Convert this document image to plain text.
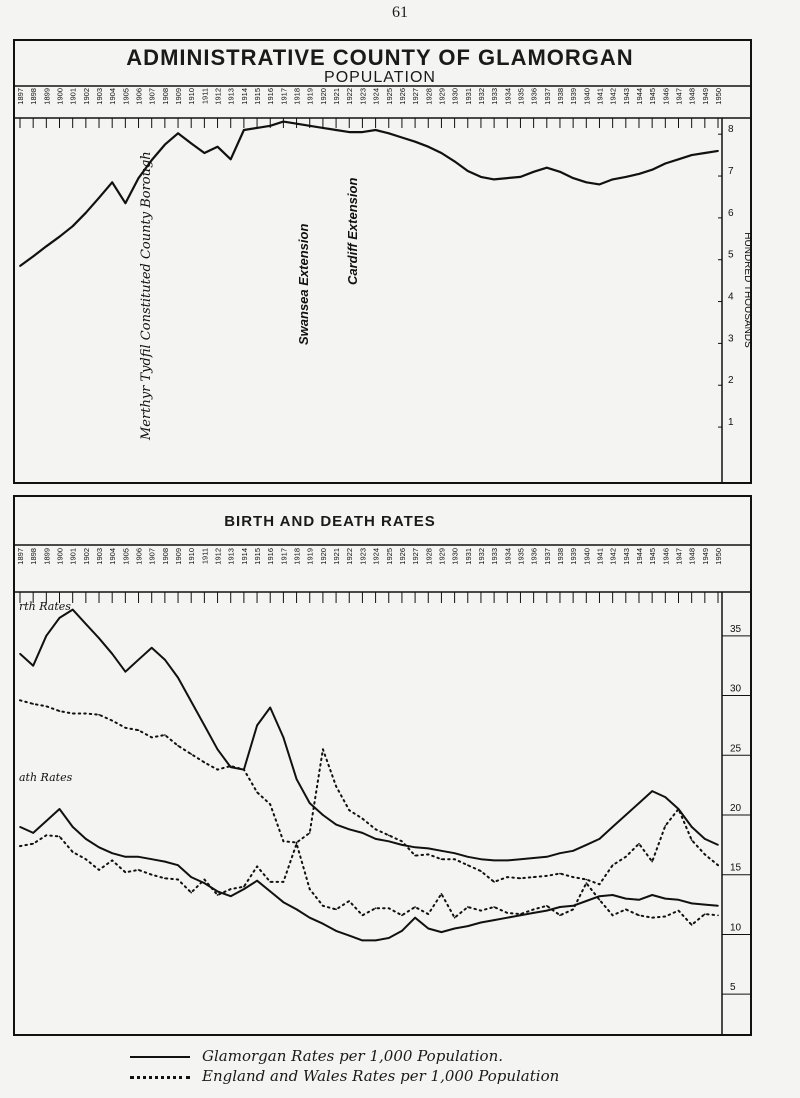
61
ADMINISTRATIVE COUNTY OF GLAMORGAN
POPULATION
BIRTH AND DEATH RATES
1897 1898 1899 1900 1901 1902 1903 1904 1905 1906 1907 1908 1909 1910 1911 1912 1913 1914 1915 1916 1917 1918 1919 1920 1921 1922 1923 1924 1925 1926 1927 1928 1929 1930 1931 1932 1933 1934 1935 1936 1937 1938 1939 1940 1941 1942 1943 1944 1945 1946 1947 1948 1949 1950
1
2
3
4
5
6
7
8
HUNDRED THOUSANDS
Merthyr Tydfil Constituted County Borough	Swansea Extension	Cardiff Extension
1897 1898 1899 1900 1901 1902 1903 1904 1905 1906 1907 1908 1909 1910 1911 1912 1913 1914 1915 1916 1917 1918 1919 1920 1921 1922 1923 1924 1925 1926 1927 1928 1929 1930 1931 1932 1933 1934 1935 1936 1937 1938 1939 1940 1941 1942 1943 1944 1945 1946 1947 1948 1949 1950
5
10
15
20
25
30
35
rth Rates
ath Rates
Glamorgan Rates per 1,000 Population.
England and Wales Rates per 1,000 Population
